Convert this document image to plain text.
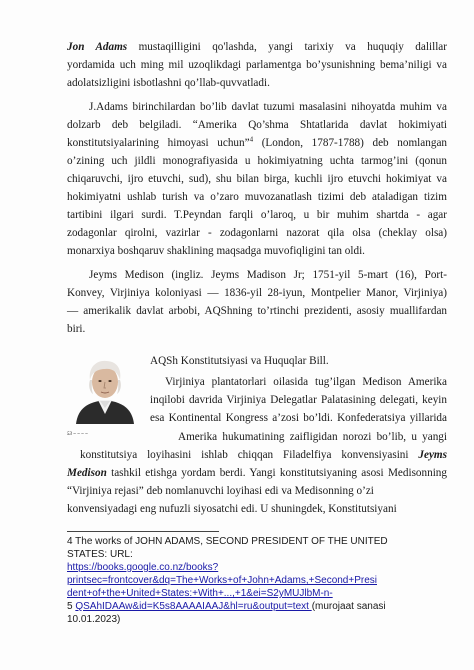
Jon Adams mustaqilligini qo'lashda, yangi tarixiy va huquqiy dalillar
yordamida uch ming mil uzoqlikdagi parlamentga bo’ysunishning bema’niligi va
adolatsizligini isbotlashni qo’llab-quvvatladi.
J.Adams birinchilardan bo’lib davlat tuzumi masalasini nihoyatda muhim va
dolzarb deb belgiladi. “Amerika Qo’shma Shtatlarida davlat hokimiyati
konstitutsiyalarining himoyasi uchun”$^4$ (London, 1787-1788) deb nomlangan
o’zining uch jildli monografiyasida u hokimiyatning uchta tarmog’ini (qonun
chiqaruvchi, ijro etuvchi, sud), shu bilan birga, kuchli ijro etuvchi hokimiyat va
hokimiyatni ushlab turish va o’zaro muvozanatlash tizimi deb ataladigan tizim
tartibini ilgari surdi. T.Peyndan farqli o’laroq, u bir muhim shartda - agar
zodagonlar qirolni, vazirlar - zodagonlarni nazorat qila olsa (cheklay olsa)
monarxiya boshqaruv shaklining maqsadga muvofiqligini tan oldi.
Jeyms Medison (ingliz. Jeyms Madison Jr; 1751-yil 5-mart (16), Port-
Konvey, Virjiniya koloniyasi — 1836-yil 28-iyun, Montpelier Manor, Virjiniya)
— amerikalik davlat arbobi, AQShning to’rtinchi prezidenti, asosiy muallifardan
biri.
53 ~ ~ ~ ~
AQSh Konstitutsiyasi va Huquqlar Bill.
Virjiniya plantatorlari oilasida tug’ilgan Medison Amerika
inqilobi davrida Virjiniya Delegatlar Palatasining delegati, keyin
esa Kontinental Kongress a’zosi bo’ldi. Konfederatsiya yillarida
Amerika hukumatining zaifligidan norozi bo’lib, u yangi
konstitutsiya loyihasini ishlab chiqqan Filadelfiya konvensiyasini Jeyms
Medison tashkil etishga yordam berdi. Yangi konstitutsiyaning asosi Medisonning
“Virjiniya rejasi” deb nomlanuvchi loyihasi edi va Medisonning o’zi
konvensiyadagi eng nufuzli siyosatchi edi. U shuningdek, Konstitutsiyani
4 The works of JOHN ADAMS, SECOND PRESIDENT OF THE UNITED
STATES: URL:
https://books.google.co.nz/books?
printsec=frontcover&dq=The+Works+of+John+Adams,+Second+Presi
dent+of+the+United+States:+With+...,+1&ei=S2yMUJlbM-n-
5 QSAhIDAAw&id=K5s8AAAAIAAJ&hl=ru&output=text (murojaat sanasi
10.01.2023)
